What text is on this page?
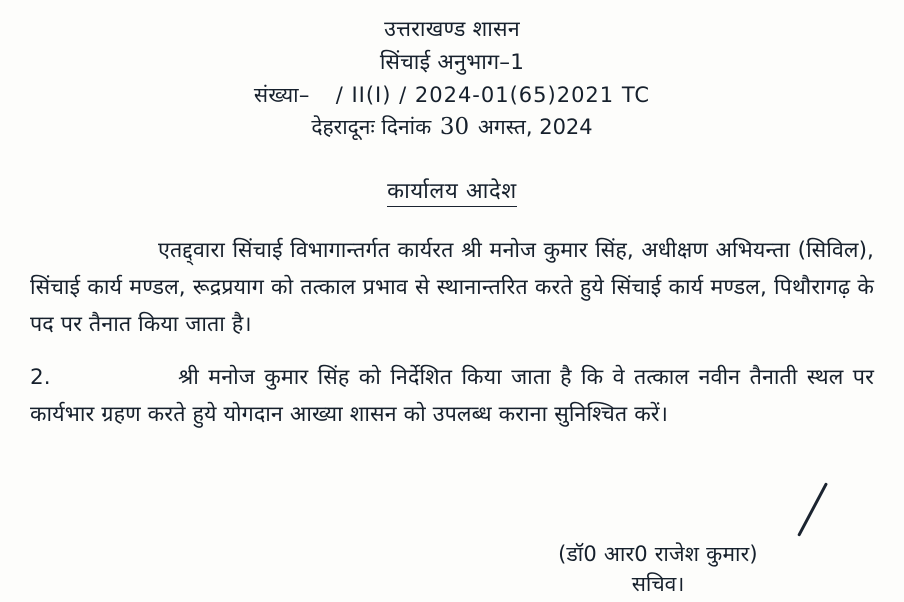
उत्तराखण्ड शासन
सिंचाई अनुभाग–1
संख्या– / II(I) / 2024-01(65)2021 TC
देहरादूनः दिनांक 30 अगस्त, 2024
कार्यालय आदेश
एतद्द्वारा सिंचाई विभागान्तर्गत कार्यरत श्री मनोज कुमार सिंह, अधीक्षण अभियन्ता (सिविल), सिंचाई कार्य मण्डल, रूद्रप्रयाग को तत्काल प्रभाव से स्थानान्तरित करते हुये सिंचाई कार्य मण्डल, पिथौरागढ़ के पद पर तैनात किया जाता है।
2.	श्री मनोज कुमार सिंह को निर्देशित किया जाता है कि वे तत्काल नवीन तैनाती स्थल पर कार्यभार ग्रहण करते हुये योगदान आख्या शासन को उपलब्ध कराना सुनिश्चित करें।
(डॉ0 आर0 राजेश कुमार)
सचिव।
